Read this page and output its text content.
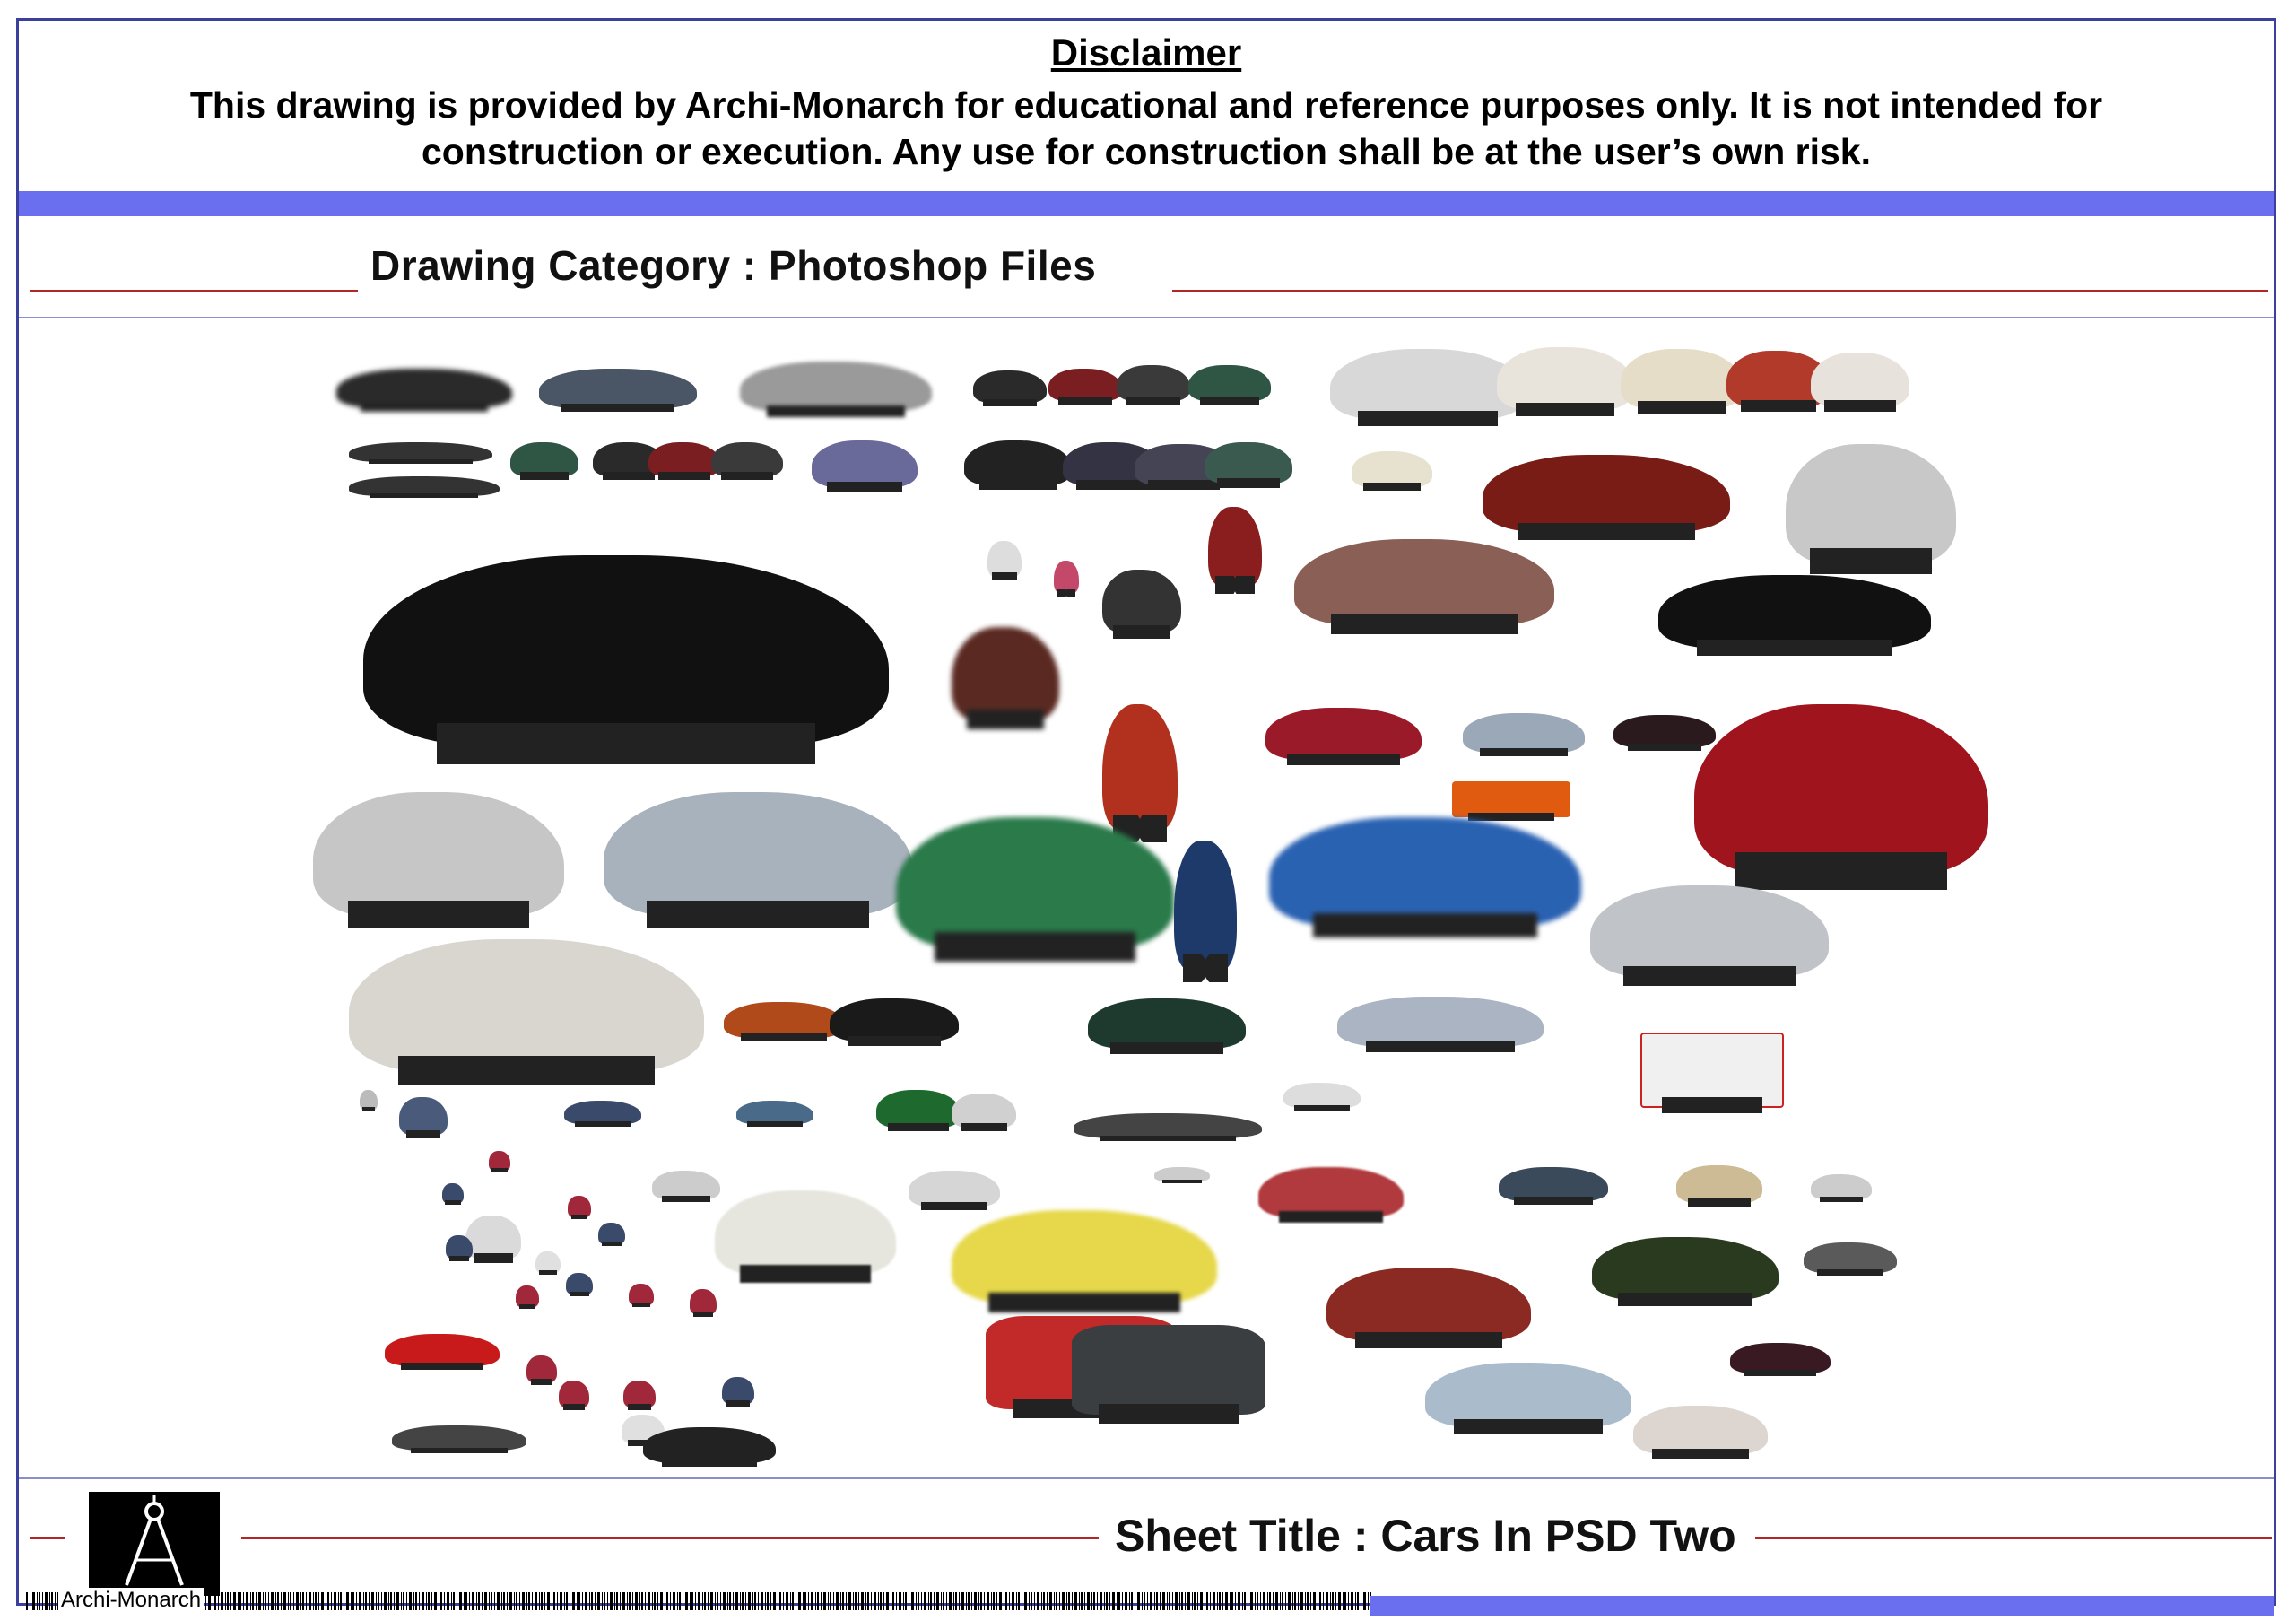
Disclaimer
This drawing is provided by Archi-Monarch for educational and reference purposes only. It is not intended for construction or execution. Any use for construction shall be at the user’s own risk.
Drawing Category : Photoshop Files
Sheet Title : Cars In PSD Two
Archi-Monarch
